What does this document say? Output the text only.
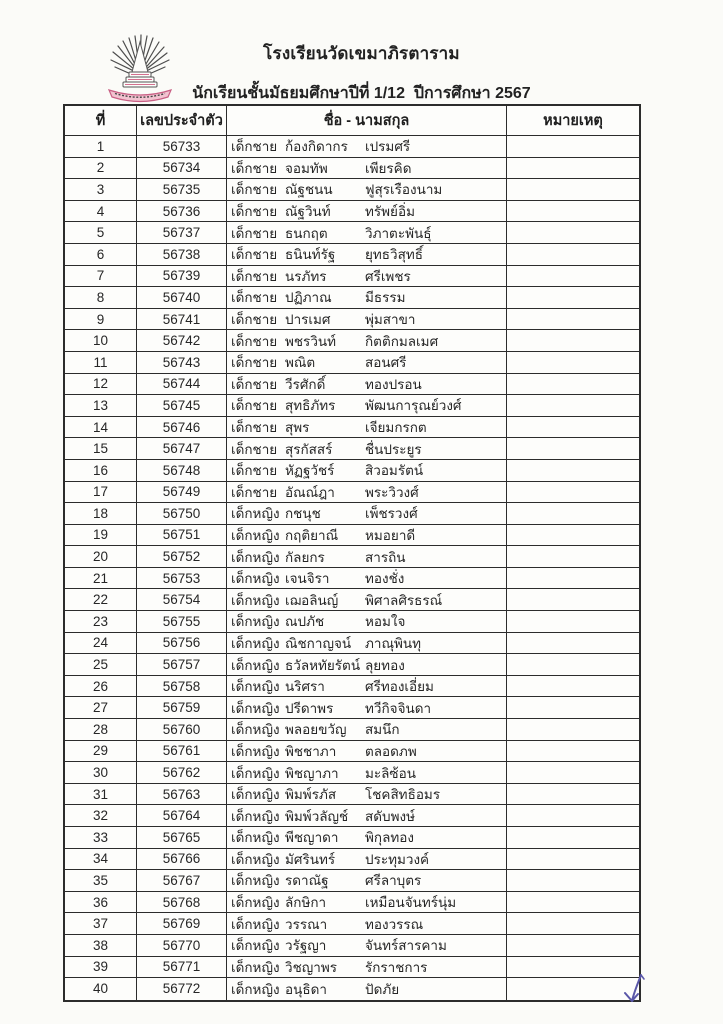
โรงเรียนวัดเขมาภิรตาราม
นักเรียนชั้นมัธยมศึกษาปีที่ 1/12  ปีการศึกษา 2567
ที่	เลขประจำตัว	ชื่อ - นามสกุล	หมายเหตุ
1	56733	เด็กชาย ก้องกิดากร	เปรมศรี
2	56734	เด็กชาย จอมทัพ	เพียรคิด
3	56735	เด็กชาย ณัฐชนน	ฟูสุรเรืองนาม
4	56736	เด็กชาย ณัฐวินท์	ทรัพย์อิ่ม
5	56737	เด็กชาย ธนกฤต	วิภาตะพันธุ์
6	56738	เด็กชาย ธนินท์รัฐ	ยุทธวิสุทธิ์
7	56739	เด็กชาย นรภัทร	ศรีเพชร
8	56740	เด็กชาย ปฏิภาณ	มีธรรม
9	56741	เด็กชาย ปารเมศ	พุ่มสาขา
10	56742	เด็กชาย พชรวินท์	กิตติกมลเมศ
11	56743	เด็กชาย พณิต	สอนศรี
12	56744	เด็กชาย วีรศักดิ์	ทองปรอน
13	56745	เด็กชาย สุทธิภัทร	พัฒนการุณย์วงศ์
14	56746	เด็กชาย สุพร	เจียมกรกต
15	56747	เด็กชาย สุรกัสสร์	ชื่นประยูร
16	56748	เด็กชาย หัฏฐวัชร์	สิวอมรัตน์
17	56749	เด็กชาย อัณณ์ฎา	พระวิวงศ์
18	56750	เด็กหญิง กชนุช	เพ็ชรวงศ์
19	56751	เด็กหญิง กฤติยาณี	หมอยาดี
20	56752	เด็กหญิง กัลยกร	สารถิน
21	56753	เด็กหญิง เจนจิรา	ทองชั่ง
22	56754	เด็กหญิง เฌอลินญ์	พิศาลศิรธรณ์
23	56755	เด็กหญิง ณปภัช	หอมใจ
24	56756	เด็กหญิง ณิชกาญจน์	ภาณุพินทุ
25	56757	เด็กหญิง ธวัลหทัยรัตน์ ลุยทอง
26	56758	เด็กหญิง นริศรา	ศรีทองเอี่ยม
27	56759	เด็กหญิง ปรีดาพร	ทวีกิจจินดา
28	56760	เด็กหญิง พลอยขวัญ	สมนึก
29	56761	เด็กหญิง พิชชาภา	ตลอดภพ
30	56762	เด็กหญิง พิชญาภา	มะลิซ้อน
31	56763	เด็กหญิง พิมพ์รภัส	โชคสิทธิอมร
32	56764	เด็กหญิง พิมพ์วลัญช์	สดับพงษ์
33	56765	เด็กหญิง พีชญาดา	พิกุลทอง
34	56766	เด็กหญิง มัศรินทร์	ประทุมวงค์
35	56767	เด็กหญิง รดาณัฐ	ศรีลาบุตร
36	56768	เด็กหญิง ลักษิกา	เหมือนจันทร์นุ่ม
37	56769	เด็กหญิง วรรณา	ทองวรรณ
38	56770	เด็กหญิง วรัฐญา	จันทร์สารคาม
39	56771	เด็กหญิง วิชญาพร	รักราชการ
40	56772	เด็กหญิง อนุธิดา	ปัดภัย
